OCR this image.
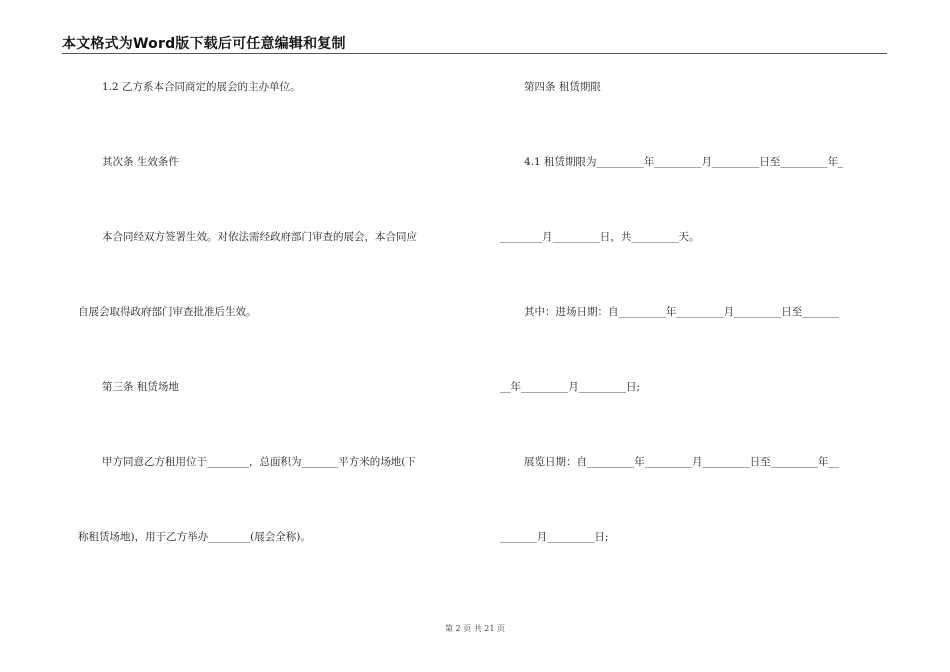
本文格式为Word版下载后可任意编辑和复制
1.2 乙方系本合同商定的展会的主办单位。
其次条 生效条件
本合同经双方签署生效。对依法需经政府部门审查的展会，本合同应
自展会取得政府部门审查批准后生效。
第三条 租赁场地
甲方同意乙方租用位于________，总面积为_______平方米的场地(下
称租赁场地)，用于乙方举办________(展会全称)。
第四条 租赁期限
4.1 租赁期限为_________年_________月_________日至_________年_
________月_________日，共_________天。
其中：进场日期：自_________年_________月_________日至_______
__年_________月_________日;
展览日期：自_________年_________月_________日至_________年__
_______月_________日;
第 2 页 共 21 页
